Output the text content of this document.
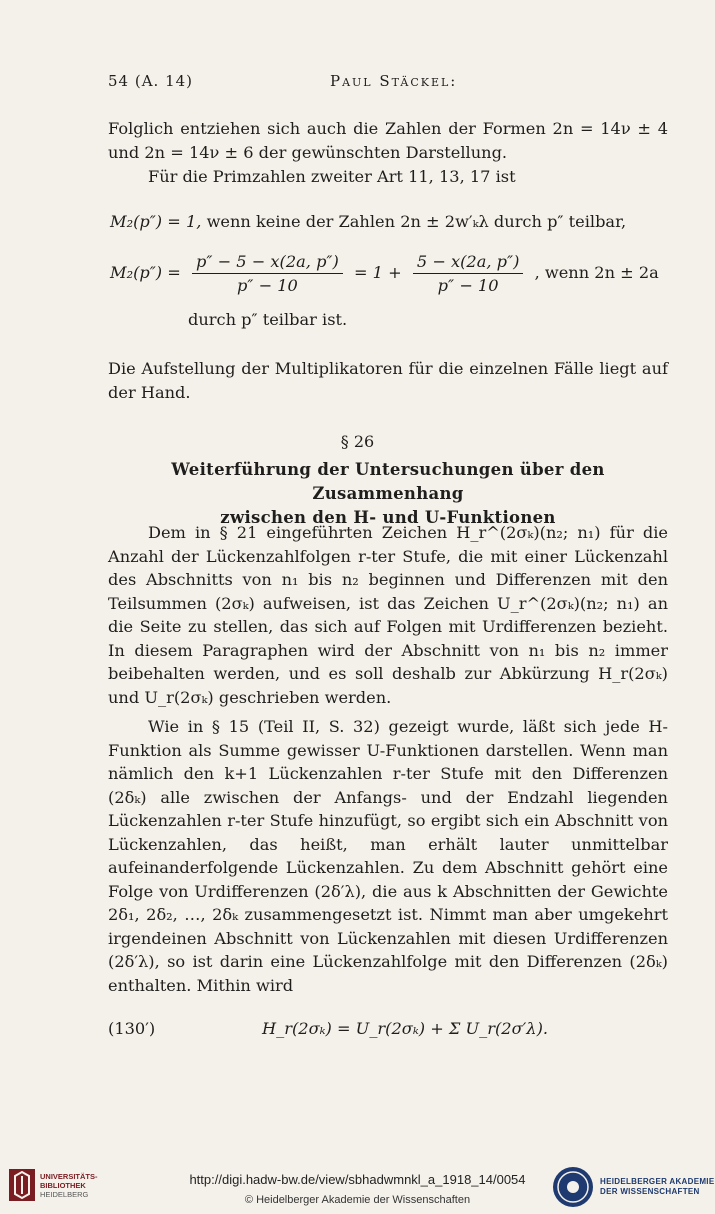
54 (A. 14)	Paul Stäckel:
Folglich entziehen sich auch die Zahlen der Formen 2n = 14ν ± 4 und 2n = 14ν ± 6 der gewünschten Darstellung.
Für die Primzahlen zweiter Art 11, 13, 17 ist
M₂(p″) = 1, wenn keine der Zahlen 2n ± 2w′ₖλ durch p″ teilbar,
$M_2(p'') = \frac{p'' - 5 - x(2a, p'')}{p'' - 10} = 1 + \frac{5 - x(2a, p'')}{p'' - 10}$ , wenn 2n ± 2a
durch p″ teilbar ist.
Die Aufstellung der Multiplikatoren für die einzelnen Fälle liegt auf der Hand.
§ 26
Weiterführung der Untersuchungen über den Zusammenhang
zwischen den H- und U-Funktionen
Dem in § 21 eingeführten Zeichen H_r^(2σₖ)(n₂; n₁) für die Anzahl der Lückenzahlfolgen r-ter Stufe, die mit einer Lückenzahl des Abschnitts von n₁ bis n₂ beginnen und Differenzen mit den Teilsummen (2σₖ) aufweisen, ist das Zeichen U_r^(2σₖ)(n₂; n₁) an die Seite zu stellen, das sich auf Folgen mit Urdifferenzen bezieht. In diesem Paragraphen wird der Abschnitt von n₁ bis n₂ immer beibehalten werden, und es soll deshalb zur Abkürzung H_r(2σₖ) und U_r(2σₖ) geschrieben werden.
Wie in § 15 (Teil II, S. 32) gezeigt wurde, läßt sich jede H-Funktion als Summe gewisser U-Funktionen darstellen. Wenn man nämlich den k+1 Lückenzahlen r-ter Stufe mit den Differenzen (2δₖ) alle zwischen der Anfangs- und der Endzahl liegenden Lückenzahlen r-ter Stufe hinzufügt, so ergibt sich ein Abschnitt von Lückenzahlen, das heißt, man erhält lauter unmittelbar aufeinanderfolgende Lückenzahlen. Zu dem Abschnitt gehört eine Folge von Urdifferenzen (2δ′λ), die aus k Abschnitten der Gewichte 2δ₁, 2δ₂, …, 2δₖ zusammengesetzt ist. Nimmt man aber umgekehrt irgendeinen Abschnitt von Lückenzahlen mit diesen Urdifferenzen (2δ′λ), so ist darin eine Lückenzahlfolge mit den Differenzen (2δₖ) enthalten. Mithin wird
(130′)	H_r(2σₖ) = U_r(2σₖ) + Σ U_r(2σ′λ).
UNIVERSITÄTS-
BIBLIOTHEK
HEIDELBERG
http://digi.hadw-bw.de/view/sbhadwmnkl_a_1918_14/0054
© Heidelberger Akademie der Wissenschaften
HEIDELBERGER AKADEMIE
DER WISSENSCHAFTEN
